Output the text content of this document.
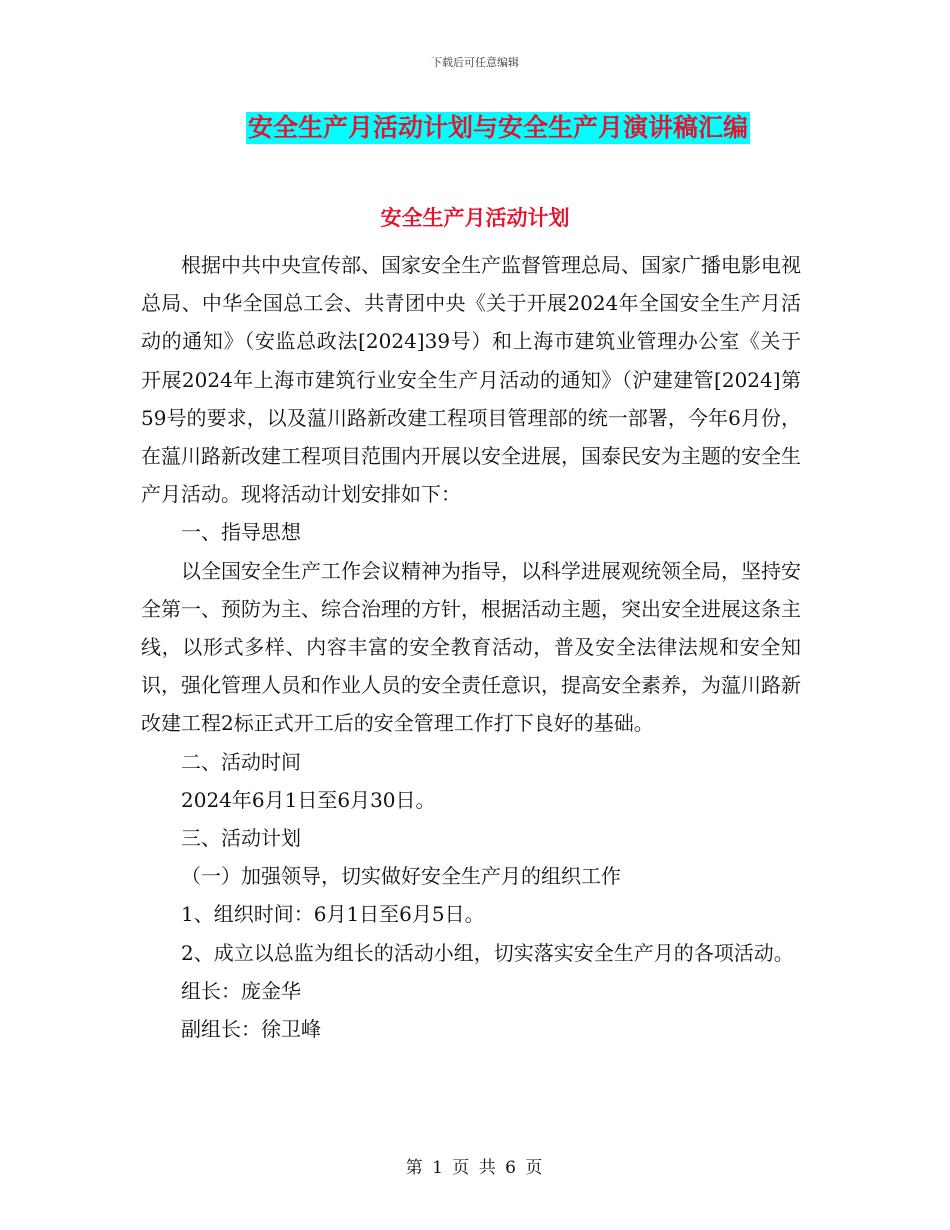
下载后可任意编辑
安全生产月活动计划与安全生产月演讲稿汇编
安全生产月活动计划

根据中共中央宣传部、国家安全生产监督管理总局、国家广播电影电视总局、中华全国总工会、共青团中央《关于开展2024年全国安全生产月活动的通知》（安监总政法[2024]39号）和上海市建筑业管理办公室《关于开展2024年上海市建筑行业安全生产月活动的通知》（沪建建管[2024]第59号的要求，以及蕰川路新改建工程项目管理部的统一部署，今年6月份，在蕰川路新改建工程项目范围内开展以安全进展，国泰民安为主题的安全生产月活动。现将活动计划安排如下：

一、指导思想

以全国安全生产工作会议精神为指导，以科学进展观统领全局，坚持安全第一、预防为主、综合治理的方针，根据活动主题，突出安全进展这条主线，以形式多样、内容丰富的安全教育活动，普及安全法律法规和安全知识，强化管理人员和作业人员的安全责任意识，提高安全素养，为蕰川路新改建工程2标正式开工后的安全管理工作打下良好的基础。

二、活动时间

2024年6月1日至6月30日。

三、活动计划

（一）加强领导，切实做好安全生产月的组织工作

1、组织时间：6月1日至6月5日。

2、成立以总监为组长的活动小组，切实落实安全生产月的各项活动。

组长：庞金华

副组长：徐卫峰

第 1 页 共 6 页
